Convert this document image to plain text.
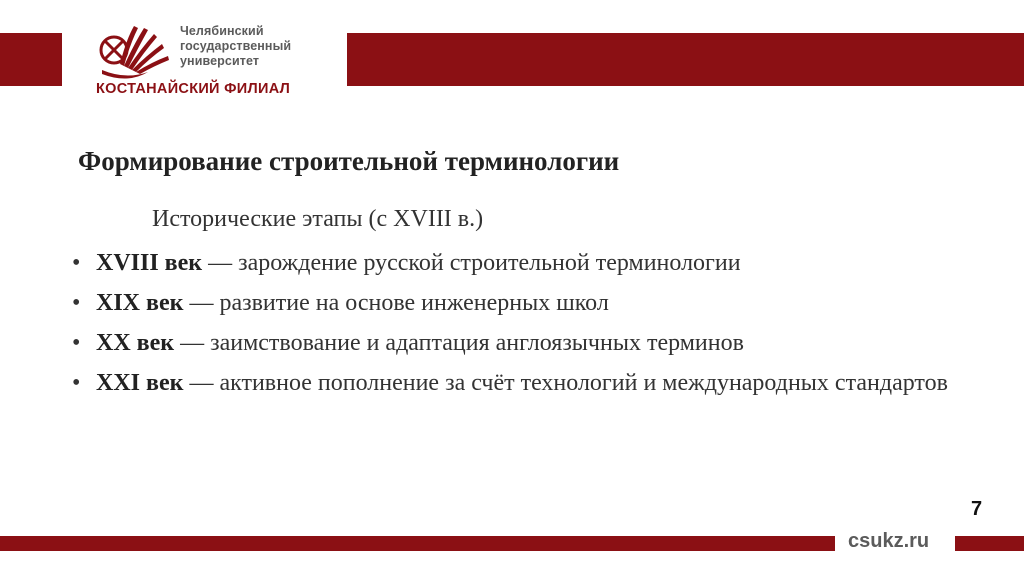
Челябинский
государственный
университет
КОСТАНАЙСКИЙ ФИЛИАЛ
Формирование строительной терминологии
Исторические этапы (с XVIII в.)
• XVIII век — зарождение русской строительной терминологии
• XIX век — развитие на основе инженерных школ
• XX век — заимствование и адаптация англоязычных терминов
• XXI век — активное пополнение за счёт технологий и международных стандартов
7
csukz.ru
